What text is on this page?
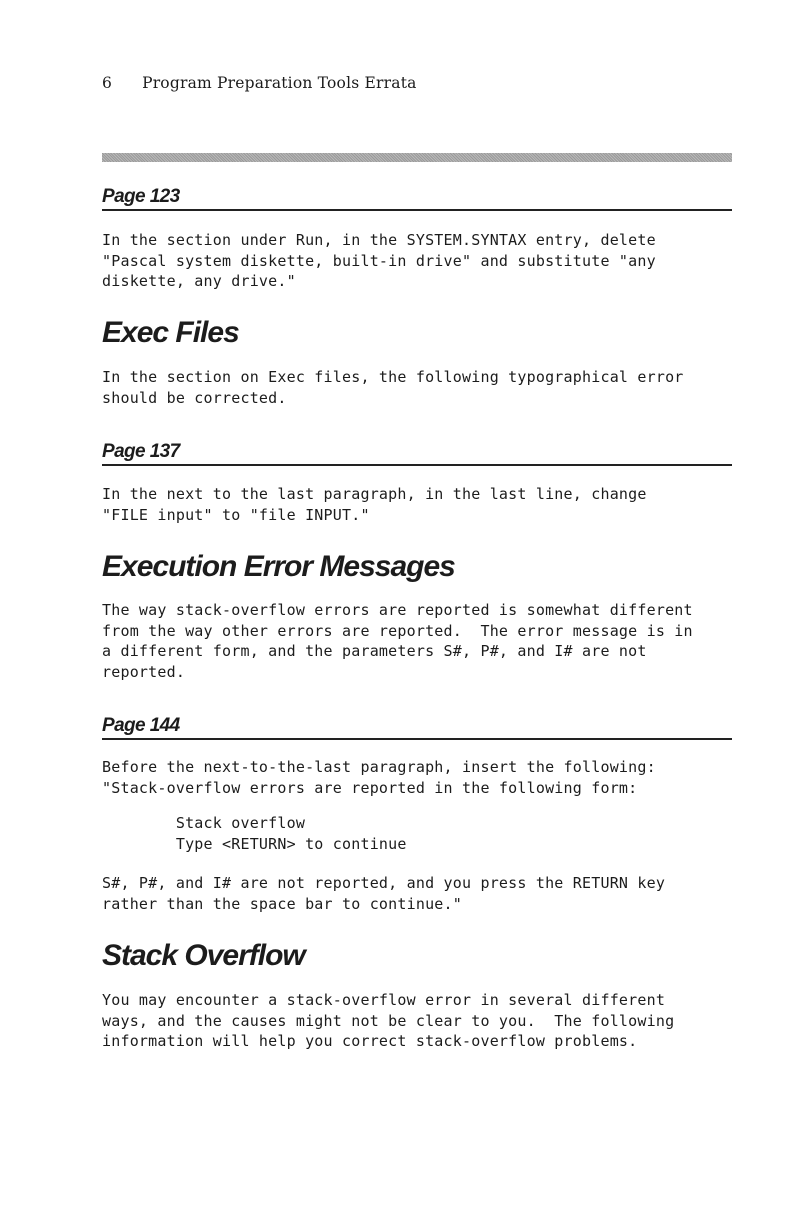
6 Program Preparation Tools Errata
Page 123
In the section under Run, in the SYSTEM.SYNTAX entry, delete
"Pascal system diskette, built-in drive" and substitute "any
diskette, any drive."
Exec Files
In the section on Exec files, the following typographical error
should be corrected.
Page 137
In the next to the last paragraph, in the last line, change
"FILE input" to "file INPUT."
Execution Error Messages
The way stack-overflow errors are reported is somewhat different
from the way other errors are reported.  The error message is in
a different form, and the parameters S#, P#, and I# are not
reported.
Page 144
Before the next-to-the-last paragraph, insert the following:
"Stack-overflow errors are reported in the following form:
Stack overflow
Type <RETURN> to continue
S#, P#, and I# are not reported, and you press the RETURN key
rather than the space bar to continue."
Stack Overflow
You may encounter a stack-overflow error in several different
ways, and the causes might not be clear to you.  The following
information will help you correct stack-overflow problems.
